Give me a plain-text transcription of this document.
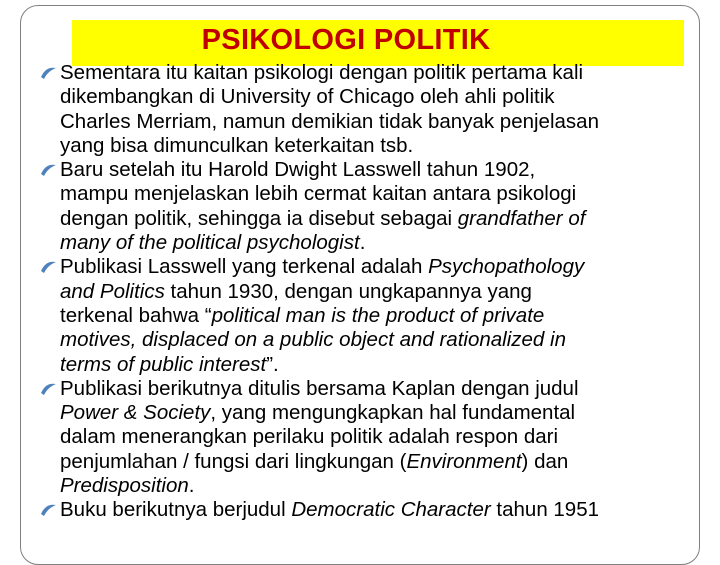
PSIKOLOGI POLITIK
Sementara itu kaitan psikologi dengan politik pertama kali
dikembangkan di University of Chicago oleh ahli politik
Charles Merriam, namun demikian tidak banyak penjelasan
yang bisa dimunculkan keterkaitan tsb.
Baru setelah itu Harold Dwight Lasswell tahun 1902,
mampu menjelaskan lebih cermat kaitan antara psikologi
dengan politik, sehingga ia disebut sebagai grandfather of
many of the political psychologist.
Publikasi Lasswell yang terkenal adalah Psychopathology
and Politics tahun 1930, dengan ungkapannya yang
terkenal bahwa “political man is the product of private
motives, displaced on a public object and rationalized in
terms of public interest”.
Publikasi berikutnya ditulis bersama Kaplan dengan judul
Power & Society, yang mengungkapkan hal fundamental
dalam menerangkan perilaku politik adalah respon dari
penjumlahan / fungsi dari lingkungan (Environment) dan
Predisposition.
Buku berikutnya berjudul Democratic Character tahun 1951
